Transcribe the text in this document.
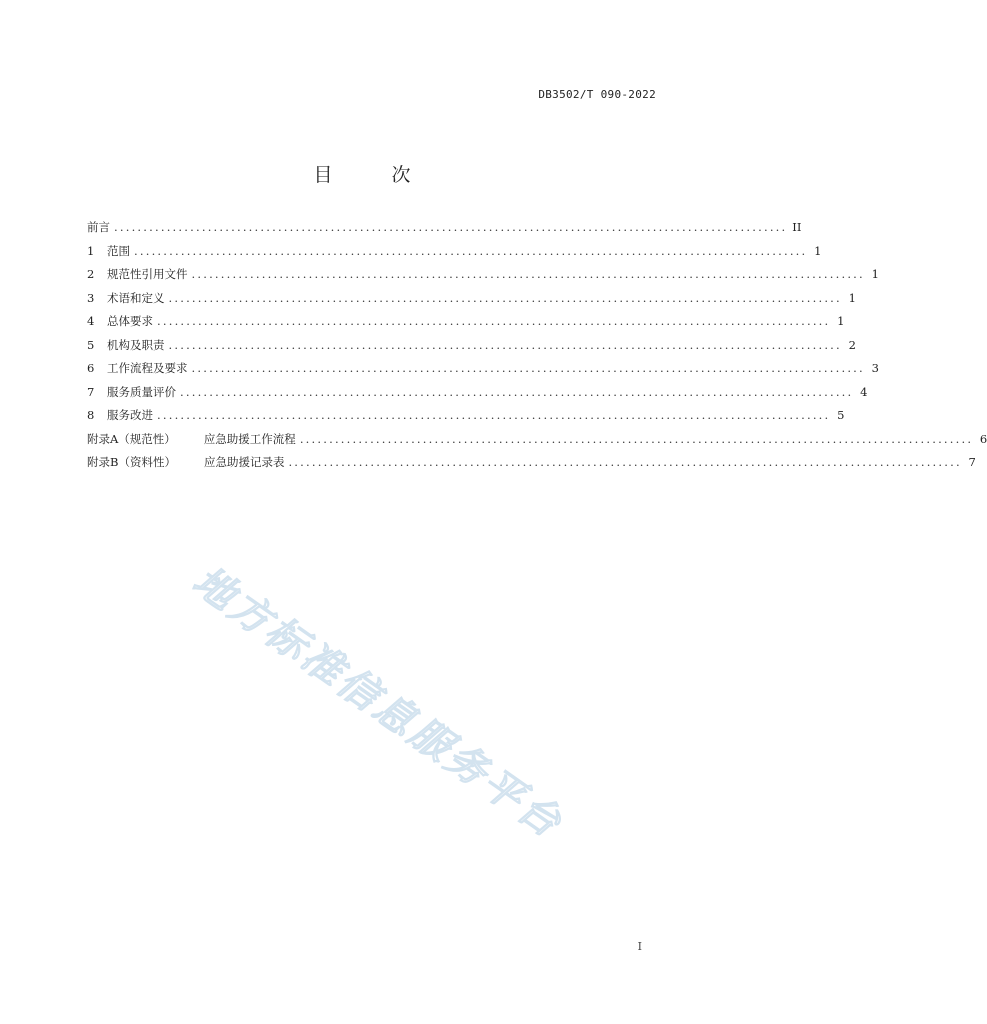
DB3502/T 090-2022
目　次
前言 ................................................................................................................... II
1	范围 ................................................................................................................... 1
2	规范性引用文件 ................................................................................................................... 1
3	术语和定义 ................................................................................................................... 1
4	总体要求 ................................................................................................................... 1
5	机构及职责 ................................................................................................................... 2
6	工作流程及要求 ................................................................................................................... 3
7	服务质量评价 ................................................................................................................... 4
8	服务改进 ................................................................................................................... 5
附录A（规范性） 应急助援工作流程 ................................................................................................................... 6
附录B（资料性） 应急助援记录表 ................................................................................................................... 7
地方标准信息服务平台
I
